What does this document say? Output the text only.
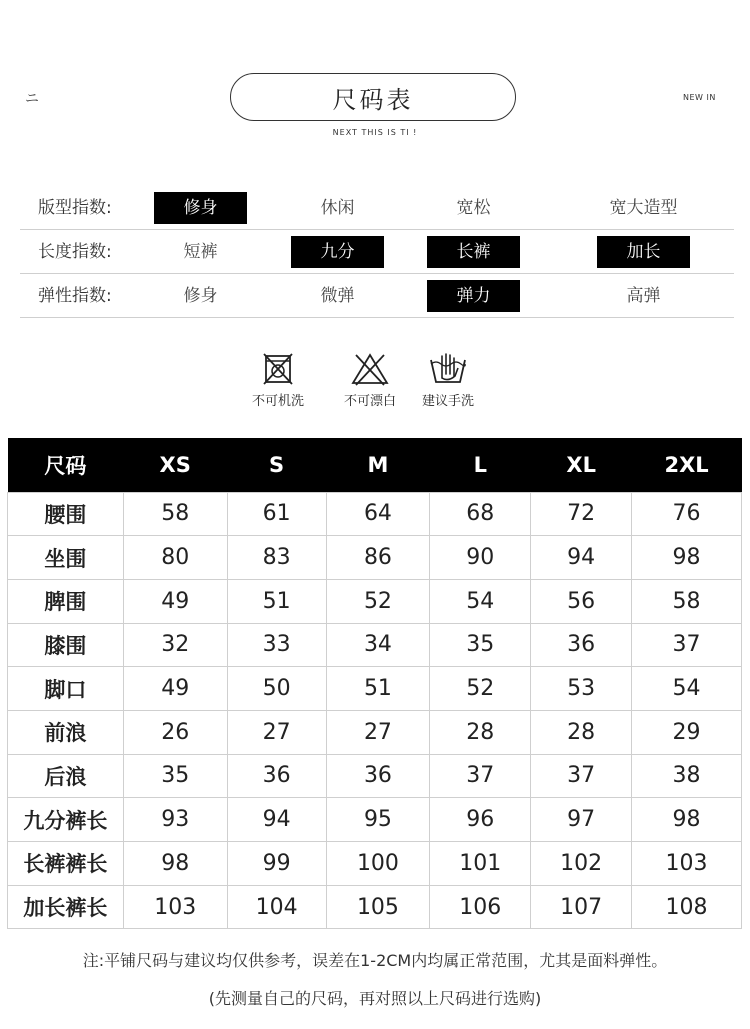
ニ	尺码表	NEW IN
NEXT THIS IS TI !
版型指数:	修身	休闲	宽松	宽大造型
长度指数:	短裤	九分	长裤	加长
弹性指数:	修身	微弹	弹力	高弹
不可机洗	不可漂白	建议手洗
尺码	XS	S	M	L	XL	2XL
腰围	58	61	64	68	72	76
坐围	80	83	86	90	94	98
脾围	49	51	52	54	56	58
膝围	32	33	34	35	36	37
脚口	49	50	51	52	53	54
前浪	26	27	27	28	28	29
后浪	35	36	36	37	37	38
九分裤长	93	94	95	96	97	98
长裤裤长	98	99	100	101	102	103
加长裤长	103	104	105	106	107	108
注:平铺尺码与建议均仅供参考，误差在1-2CM内均属正常范围，尤其是面料弹性。
(先测量自己的尺码，再对照以上尺码进行选购)
